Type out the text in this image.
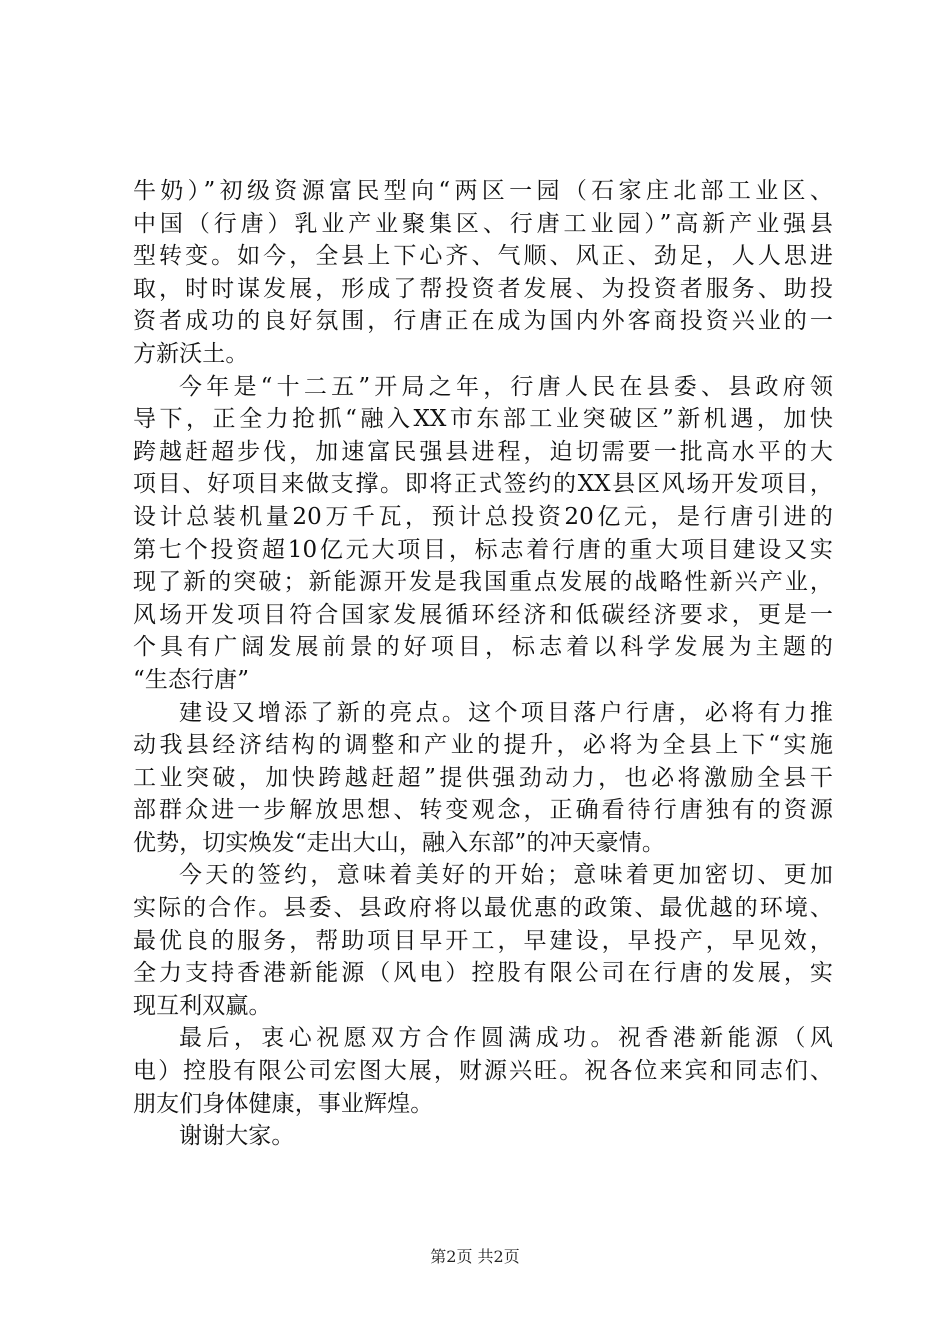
牛奶）”初级资源富民型向“两区一园（石家庄北部工业区、
中国（行唐）乳业产业聚集区、行唐工业园）”高新产业强县
型转变。如今，全县上下心齐、气顺、风正、劲足，人人思进
取，时时谋发展，形成了帮投资者发展、为投资者服务、助投
资者成功的良好氛围，行唐正在成为国内外客商投资兴业的一
方新沃土。
今年是“十二五”开局之年，行唐人民在县委、县政府领
导下，正全力抢抓“融入XX市东部工业突破区”新机遇，加快
跨越赶超步伐，加速富民强县进程，迫切需要一批高水平的大
项目、好项目来做支撑。即将正式签约的XX县区风场开发项目，
设计总装机量20万千瓦，预计总投资20亿元，是行唐引进的
第七个投资超10亿元大项目，标志着行唐的重大项目建设又实
现了新的突破；新能源开发是我国重点发展的战略性新兴产业，
风场开发项目符合国家发展循环经济和低碳经济要求，更是一
个具有广阔发展前景的好项目，标志着以科学发展为主题的
“生态行唐”
建设又增添了新的亮点。这个项目落户行唐，必将有力推
动我县经济结构的调整和产业的提升，必将为全县上下“实施
工业突破，加快跨越赶超”提供强劲动力，也必将激励全县干
部群众进一步解放思想、转变观念，正确看待行唐独有的资源
优势，切实焕发“走出大山，融入东部”的冲天豪情。
今天的签约，意味着美好的开始；意味着更加密切、更加
实际的合作。县委、县政府将以最优惠的政策、最优越的环境、
最优良的服务，帮助项目早开工，早建设，早投产，早见效，
全力支持香港新能源（风电）控股有限公司在行唐的发展，实
现互利双赢。
最后，衷心祝愿双方合作圆满成功。祝香港新能源（风
电）控股有限公司宏图大展，财源兴旺。祝各位来宾和同志们、
朋友们身体健康，事业辉煌。
谢谢大家。
第2页 共2页
